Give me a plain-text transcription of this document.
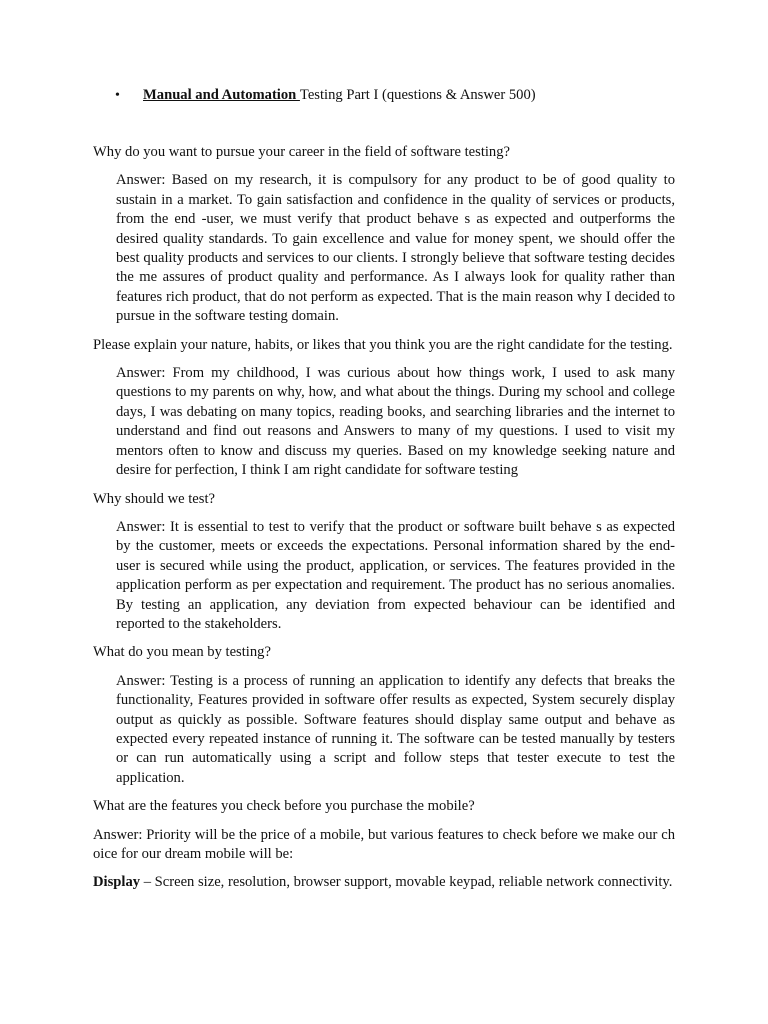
• Manual and Automation Testing Part I (questions & Answer 500)

Why do you want to pursue your career in the field of software testing?

Answer: Based on my research, it is compulsory for any product to be of good quality to sustain in a market. To gain satisfaction and confidence in the quality of services or products, from the end -user, we must verify that product behave s as expected and outperforms the desired quality standards. To gain excellence and value for money spent, we should offer the best quality products and services to our clients. I strongly believe that software testing decides the me assures of product quality and performance. As I always look for quality rather than features rich product, that do not perform as expected. That is the main reason why I decided to pursue in the software testing domain.

Please explain your nature, habits, or likes that you think you are the right candidate for the testing.

Answer: From my childhood, I was curious about how things work, I used to ask many questions to my parents on why, how, and what about the things. During my school and college days, I was debating on many topics, reading books, and searching libraries and the internet to understand and find out reasons and Answers to many of my questions. I used to visit my mentors often to know and discuss my queries. Based on my knowledge seeking nature and desire for perfection, I think I am right candidate for software testing

Why should we test?

Answer: It is essential to test to verify that the product or software built behave s as expected by the customer, meets or exceeds the expectations. Personal information shared by the end-user is secured while using the product, application, or services. The features provided in the application perform as per expectation and requirement. The product has no serious anomalies. By testing an application, any deviation from expected behaviour can be identified and reported to the stakeholders.

What do you mean by testing?

Answer: Testing is a process of running an application to identify any defects that breaks the functionality, Features provided in software offer results as expected, System securely display output as quickly as possible. Software features should display same output and behave as expected every repeated instance of running it. The software can be tested manually by testers or can run automatically using a script and follow steps that tester execute to test the application.

What are the features you check before you purchase the mobile?

Answer: Priority will be the price of a mobile, but various features to check before we make our ch oice for our dream mobile will be:

Display – Screen size, resolution, browser support, movable keypad, reliable network connectivity.
